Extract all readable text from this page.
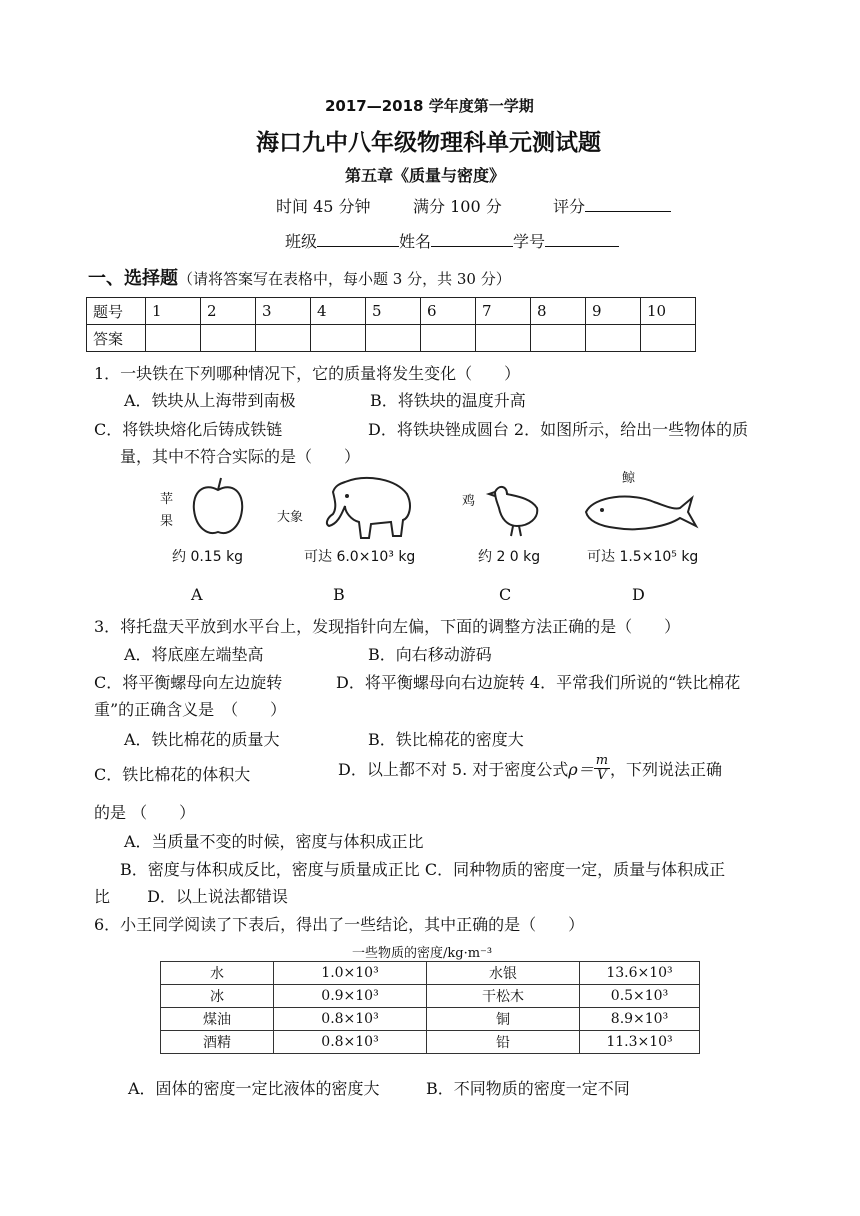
2017—2018 学年度第一学期
海口九中八年级物理科单元测试题
第五章《质量与密度》
时间 45 分钟	满分 100 分	评分
班级	姓名	学号
一、选择题（请将答案写在表格中，每小题 3 分，共 30 分）
题号	1	2	3	4	5	6	7	8	9	10
答案										
1．一块铁在下列哪种情况下，它的质量将发生变化（　　）
A．铁块从上海带到南极	B．将铁块的温度升高
C．将铁块熔化后铸成铁链	D．将铁块锉成圆台 2．如图所示，给出一些物体的质
量，其中不符合实际的是（　　）
苹
果
约 0.15 kg
大象
可达 6.0×10³ kg
鸡
约 2 0 kg
鲸
可达 1.5×10⁵ kg
A	B	C	D
3．将托盘天平放到水平台上，发现指针向左偏，下面的调整方法正确的是（　　）
A．将底座左端垫高	B．向右移动游码
C．将平衡螺母向左边旋转	D．将平衡螺母向右边旋转 4．平常我们所说的“铁比棉花
重”的正确含义是　（　　）
A．铁比棉花的质量大	B．铁比棉花的密度大
C．铁比棉花的体积大	D．以上都不对 5. 对于密度公式$\rho= \frac{m}{V}$ ，下列说法正确
的是 （　　）
A．当质量不变的时候，密度与体积成正比
B．密度与体积成反比，密度与质量成正比 C．同种物质的密度一定，质量与体积成正
比　　 D．以上说法都错误
6．小王同学阅读了下表后，得出了一些结论，其中正确的是（　　）
一些物质的密度/kg·m⁻³
水	1.0×10³	水银	13.6×10³
冰	0.9×10³	干松木	0.5×10³
煤油	0.8×10³	铜	8.9×10³
酒精	0.8×10³	铅	11.3×10³
A．固体的密度一定比液体的密度大	B．不同物质的密度一定不同
